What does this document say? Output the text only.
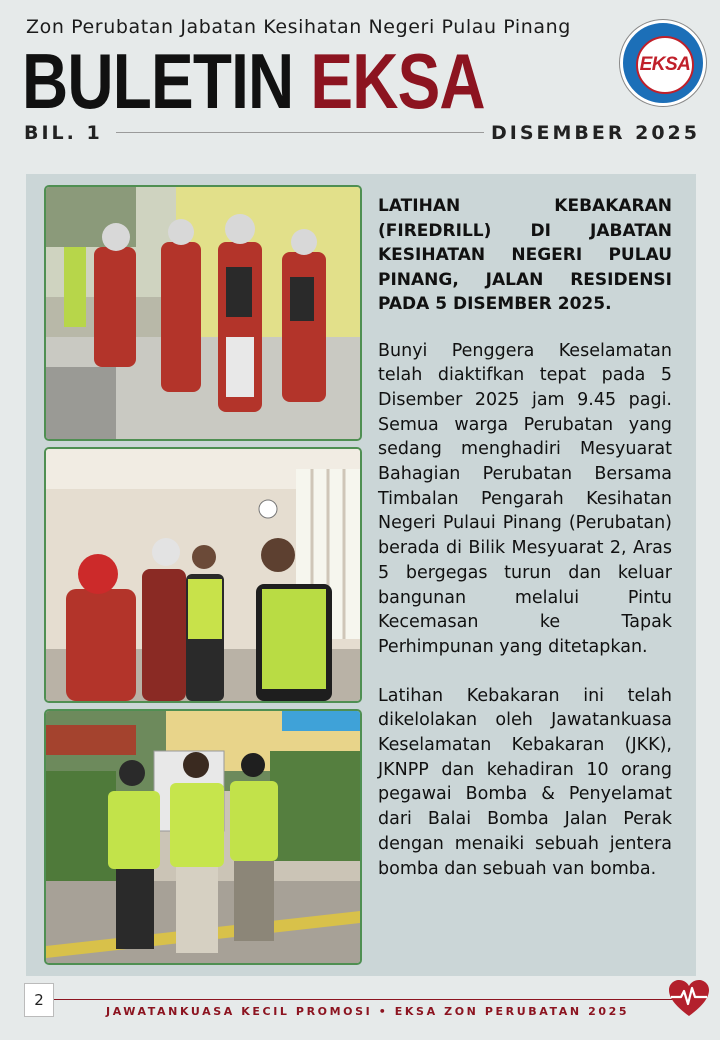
Zon Perubatan Jabatan Kesihatan Negeri Pulau Pinang
BULETIN EKSA	EKSA
BIL. 1	DISEMBER 2025
LATIHAN KEBAKARAN (FIREDRILL) DI JABATAN KESIHATAN NEGERI PULAU PINANG, JALAN RESIDENSI PADA 5 DISEMBER 2025.

Bunyi Penggera Keselamatan telah diaktifkan tepat pada 5 Disember 2025 jam 9.45 pagi. Semua warga Perubatan yang sedang menghadiri Mesyuarat Bahagian Perubatan Bersama Timbalan Pengarah Kesihatan Negeri Pulaui Pinang (Perubatan) berada di Bilik Mesyuarat 2, Aras 5 bergegas turun dan keluar bangunan melalui Pintu Kecemasan ke Tapak Perhimpunan yang ditetapkan.

Latihan Kebakaran ini telah dikelolakan oleh Jawatankuasa Keselamatan Kebakaran (JKK), JKNPP dan kehadiran 10 orang pegawai Bomba & Penyelamat dari Balai Bomba Jalan Perak dengan menaiki sebuah jentera bomba dan sebuah van bomba.

2
JAWATANKUASA KECIL PROMOSI • EKSA ZON PERUBATAN 2025
